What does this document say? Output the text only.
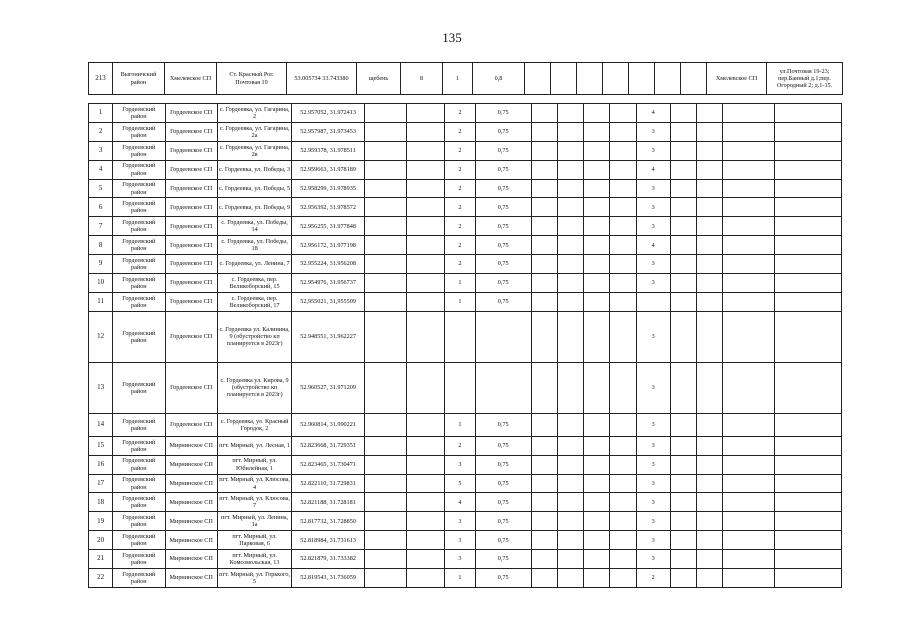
135
213	Выгоничский район	Хмелевское СП	Ст. Красный Рог. Почтовая 19	53.005734 33.743380	щебень	8	1	0,8								Хмелевское СП	ул.Почтовая 19-23; пер.Банный д.1;пер. Огородный 2; д.1-15.
1	Гордеевский район	Гордеевское СП	с. Гордеевка, ул. Гагарина, 2	52.957052, 31.972413			2	0,75					4				
2	Гордеевский район	Гордеевское СП	с. Гордеевка, ул. Гагарина, 2а	52.957987, 31.973453			2	0,75					3				
3	Гордеевский район	Гордеевское СП	с. Гордеевка, ул. Гагарина, 2в	52.959378, 31.978511			2	0,75					3				
4	Гордеевский район	Гордеевское СП	с. Гордеевка, ул. Победы, 3	52.959663, 31.978189			2	0,75					4				
5	Гордеевский район	Гордеевское СП	с. Гордеевка, ул. Победы, 5	52.958299, 31.978935			2	0,75					3				
6	Гордеевский район	Гордеевское СП	с. Гордеевка, ул. Победы, 9	52.956392, 31.978572			2	0,75					3				
7	Гордеевский район	Гордеевское СП	с. Гордеевка, ул. Победы, 14	52.956255, 31.977848			2	0,75					3				
8	Гордеевский район	Гордеевское СП	с. Гордеевка, ул. Победы, 18	52.956172, 31.977198			2	0,75					4				
9	Гордеевский район	Гордеевское СП	с. Гордеевка, ул. Ленина, 7	52.955224, 31.956208			2	0,75					3				
10	Гордеевский район	Гордеевское СП	с. Гордеевка, пер. Великоборский, 15	52.954976, 31.956737			1	0,75					3				
11	Гордеевский район	Гордеевское СП	с. Гордеевка, пер. Великоборский, 17	52,955021, 31,955509			1	0,75									
12	Гордеевский район	Гордеевское СП	с. Гордеевка ул. Калинина, 9 (обустройство кп планируется в 2023г)	52.948551, 31.962227									3				
13	Гордеевский район	Гордеевское СП	с. Гордеевка ул. Кирова, 9 (обустройство кп планируется в 2023г)	52.960527, 31.971209									3				
14	Гордеевский район	Гордеевское СП	с. Гордеевка, ул. Красный Городок, 2	52.960814, 31.990221			1	0,75					3				
15	Гордеевский район	Мирнинское СП	пгт. Мирный, ул. Лесная, 1	52.823668, 31.729351			2	0,75					3				
16	Гордеевский район	Мирнинское СП	пгт. Мирный, ул. Юбилейная, 1	52.823465, 31.730471			3	0,75					3				
17	Гордеевский район	Мирнинское СП	пгт. Мирный, ул. Клюсова, 4	52.822110, 31.729831			5	0,75					3				
18	Гордеевский район	Мирнинское СП	пгт. Мирный, ул. Клюсова, 7	52.821188, 31.728181			4	0,75					3				
19	Гордеевский район	Мирнинское СП	пгт. Мирный, ул. Ленина, 1а	52.817732, 31.728850			3	0,75					3				
20	Гордеевский район	Мирнинское СП	пгт. Мирный, ул. Парковая, 6	52.818984, 31.731613			3	0,75					3				
21	Гордеевский район	Мирнинское СП	пгт. Мирный, ул. Комсомольская, 13	52.821879, 31.733382			3	0,75					3				
22	Гордеевский район	Мирнинское СП	пгт. Мирный, ул. Горького, 5	52.819543, 31.736059			1	0,75					2				
